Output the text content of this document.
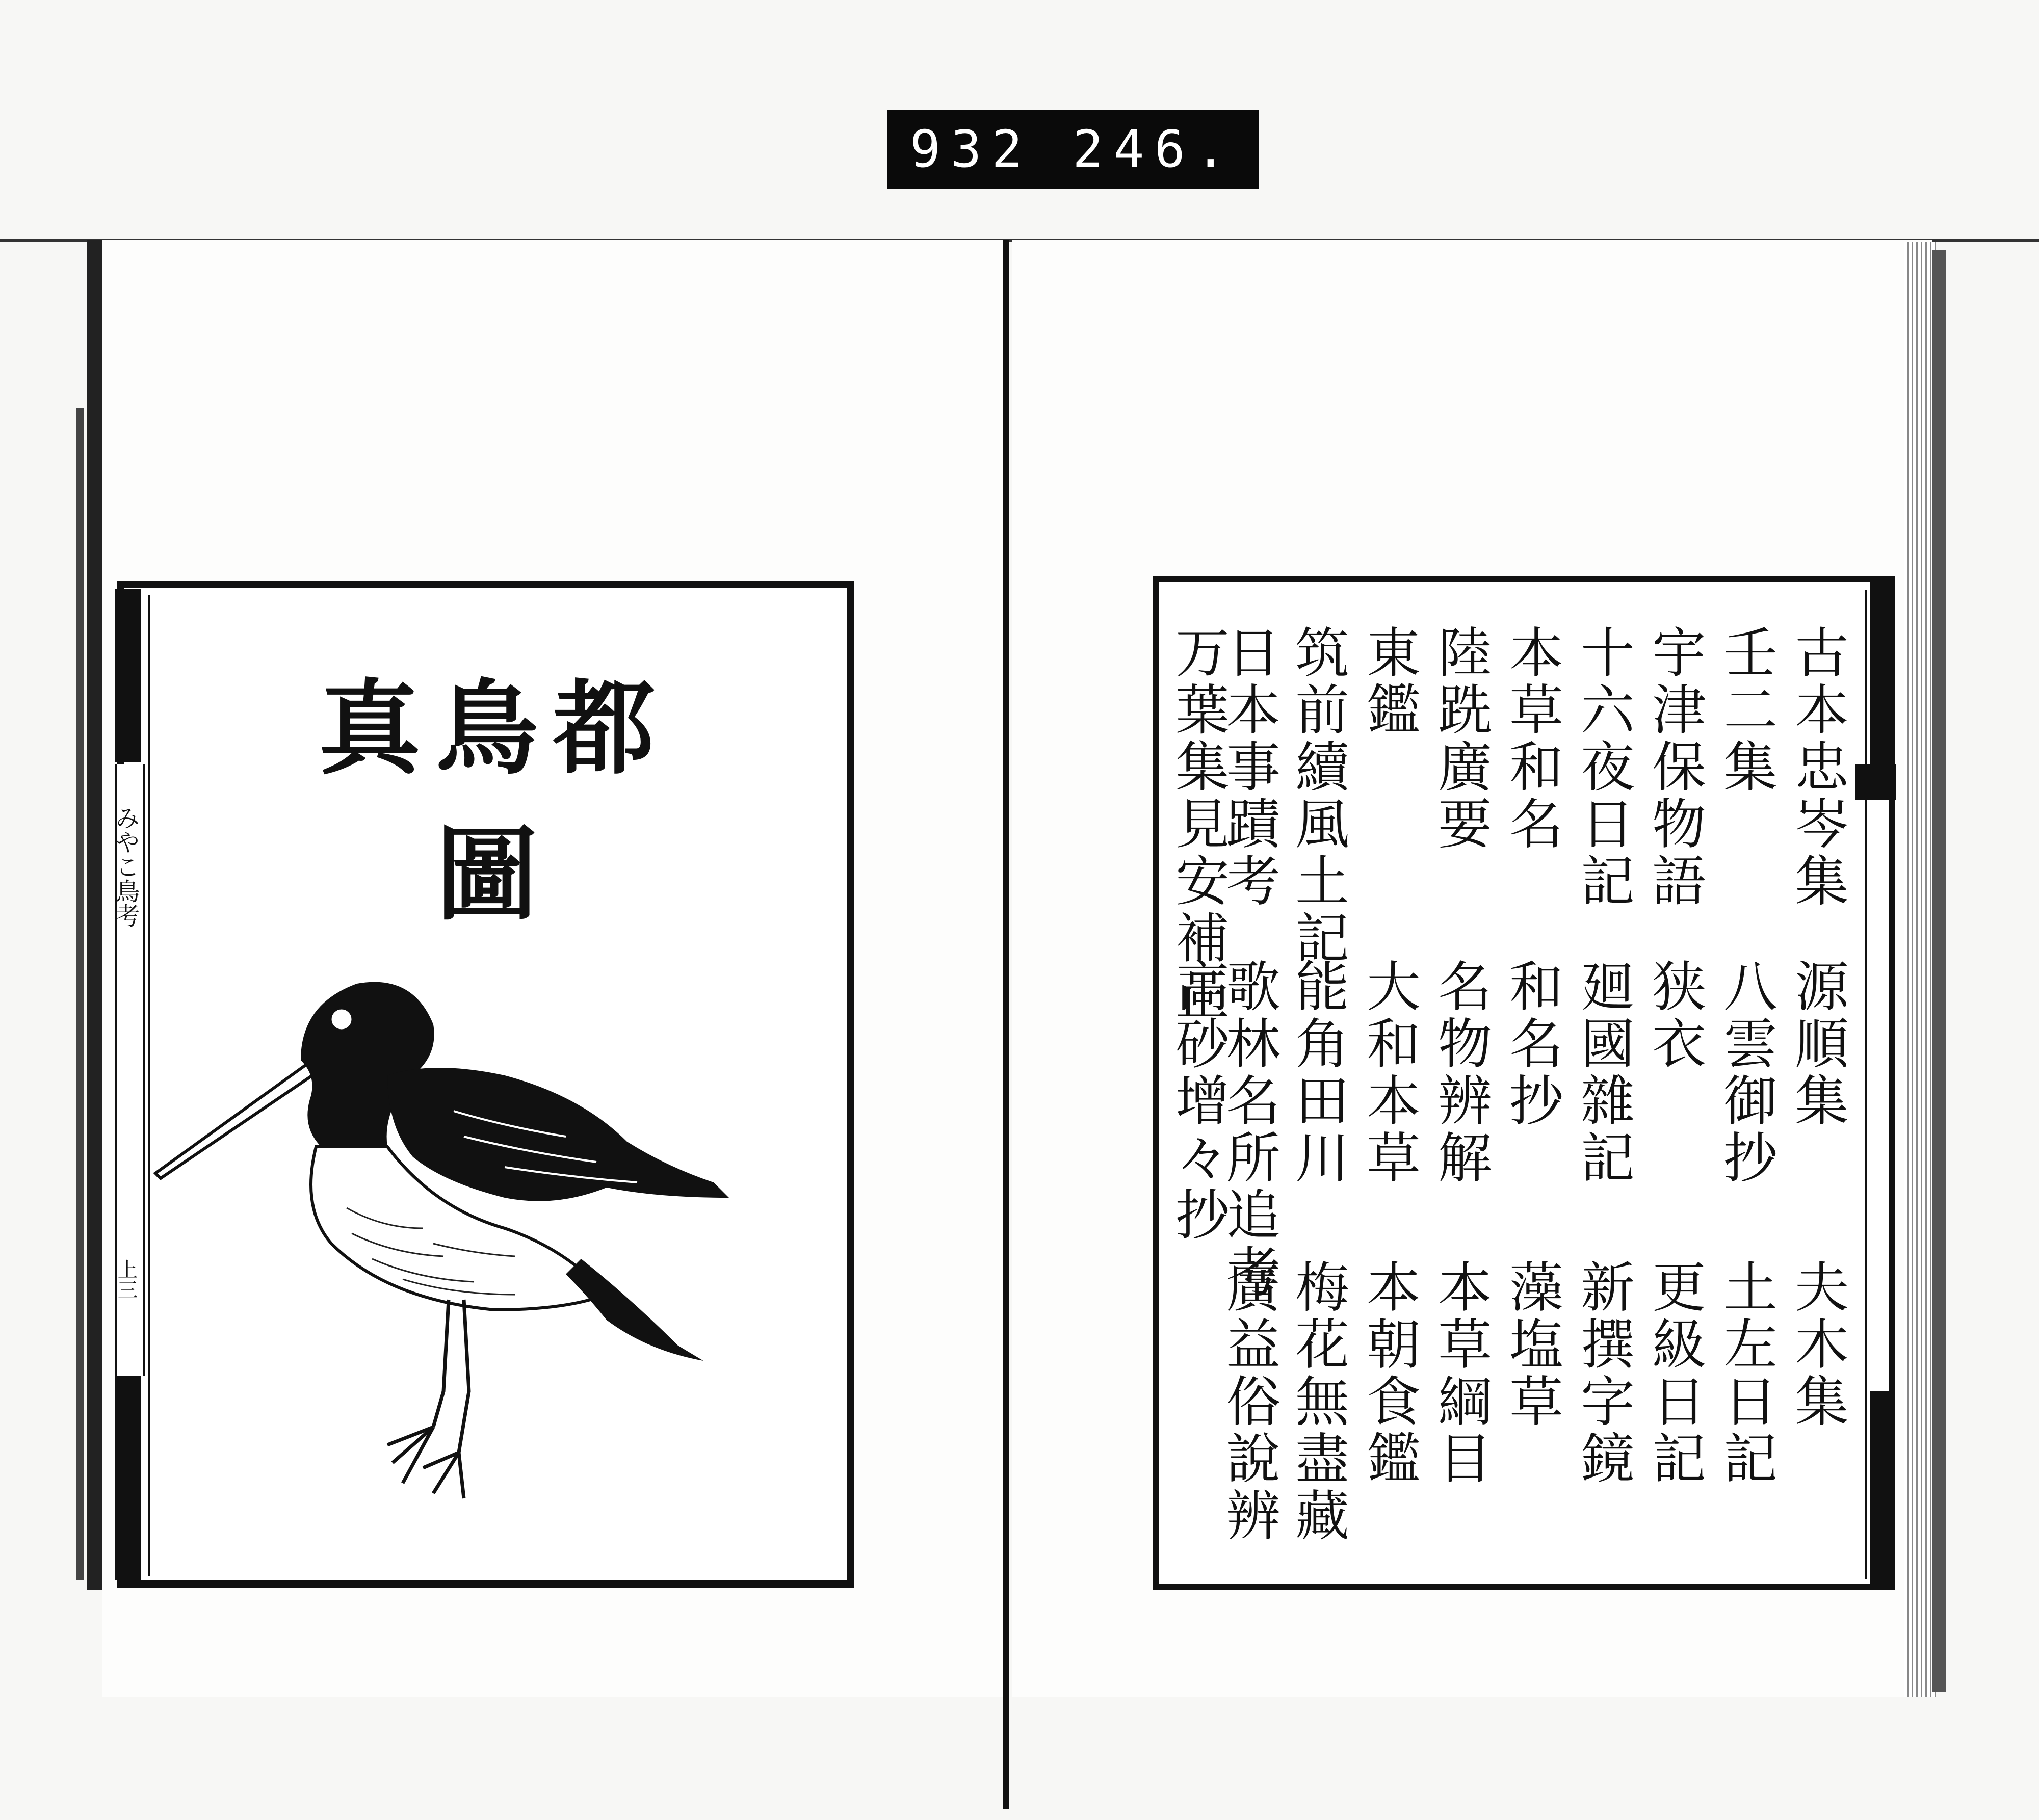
932 246.
みやこ鳥考
上三
都鳥真圖	古本忠岑集
壬二集
宇津保物語
十六夜日記
本草和名
陸跣廣要
東鑑
筑前續風土記
日本事蹟考
万葉集見安補正
源順集
八雲御抄
狭衣
廻國雜記
和名抄
名物辨解
大和本草
能角田川
歌林名所追考
高砂增々抄
夫木集
土左日記
更級日記
新撰字鏡
藻塩草
本草綱目
本朝食鑑
梅花無盡藏
廣益俗說辨
